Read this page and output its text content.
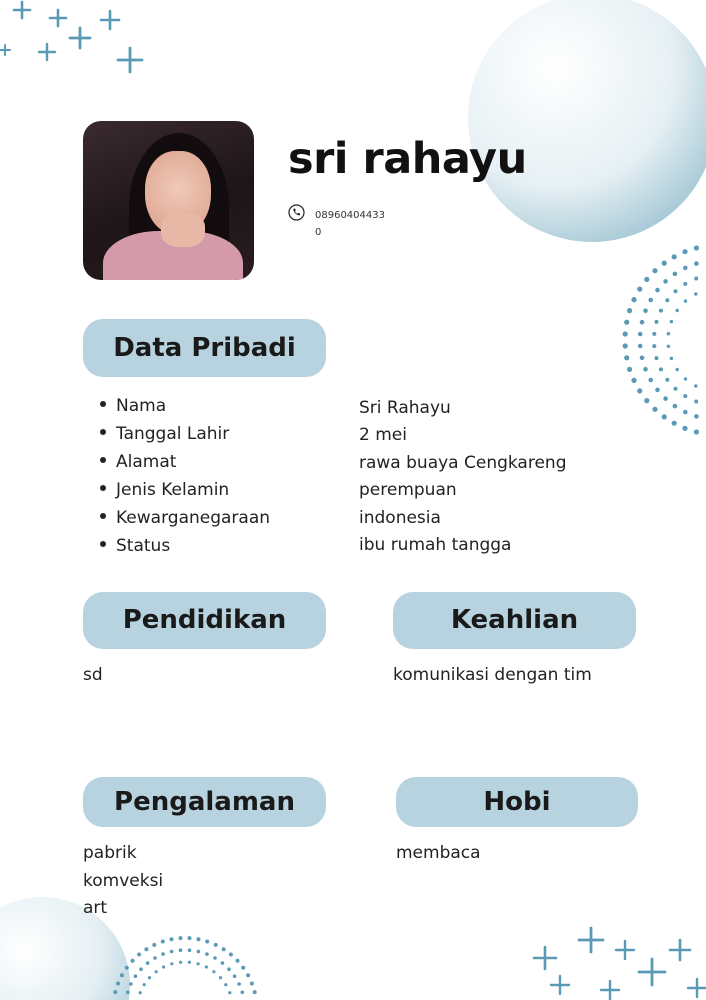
sri rahayu
08960404433
0
Data Pribadi
Nama
Tanggal Lahir
Alamat
Jenis Kelamin
Kewarganegaraan
Status
Sri Rahayu
2 mei
rawa buaya Cengkareng
perempuan
indonesia
ibu rumah tangga
Pendidikan
sd
Keahlian
komunikasi dengan tim
Pengalaman
pabrik
komveksi
art
Hobi
membaca
